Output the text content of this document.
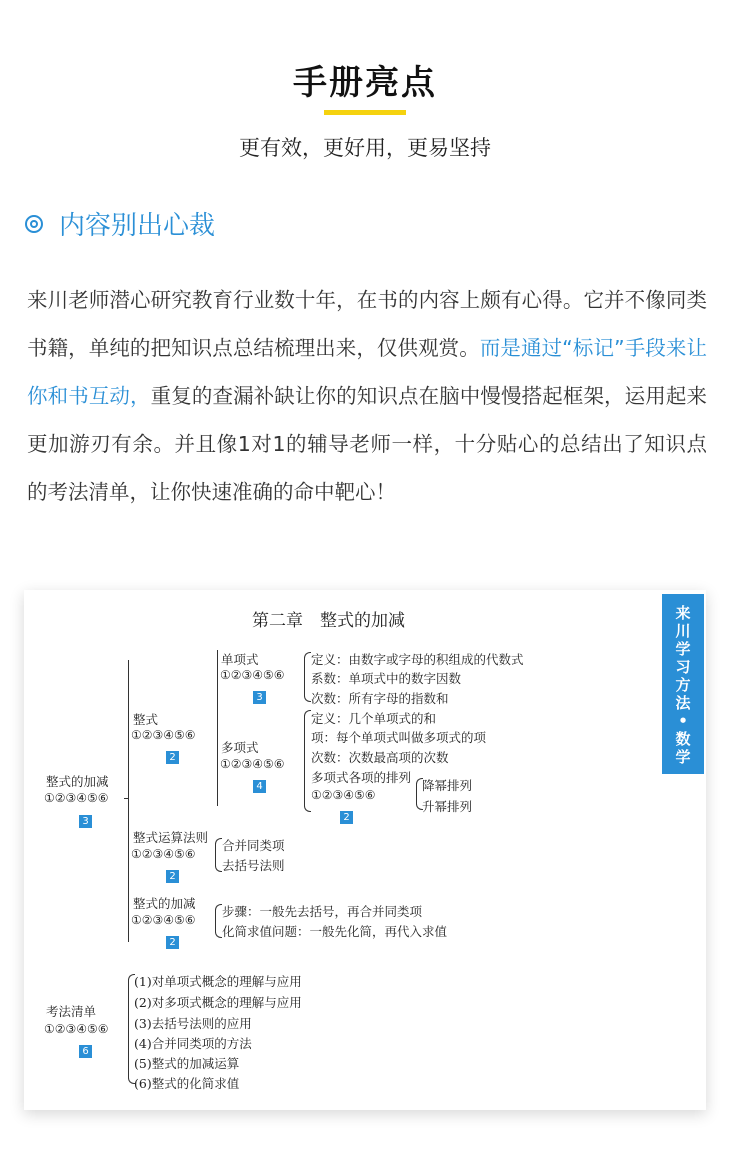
手册亮点
更有效，更好用，更易坚持
内容别出心裁
来川老师潜心研究教育行业数十年，在书的内容上颇有心得。它并不像同类书籍，单纯的把知识点总结梳理出来，仅供观赏。而是通过“标记”手段来让你和书互动，重复的查漏补缺让你的知识点在脑中慢慢搭起框架，运用起来更加游刃有余。并且像1对1的辅导老师一样，十分贴心的总结出了知识点的考法清单，让你快速准确的命中靶心！
第二章　整式的加减	来
川
学
习
方
法
•
数
学
整式的加减
①②③④⑤⑥
3
整式
①②③④⑤⑥
2
单项式
①②③④⑤⑥
3
定义：由数字或字母的积组成的代数式
系数：单项式中的数字因数
次数：所有字母的指数和
多项式
①②③④⑤⑥
4
定义：几个单项式的和
项：每个单项式叫做多项式的项
次数：次数最高项的次数
多项式各项的排列
①②③④⑤⑥
2
降幂排列
升幂排列
整式运算法则
①②③④⑤⑥
2
合并同类项
去括号法则
整式的加减
①②③④⑤⑥
2
步骤：一般先去括号，再合并同类项
化简求值问题：一般先化简，再代入求值
考法清单
①②③④⑤⑥
6
(1)对单项式概念的理解与应用
(2)对多项式概念的理解与应用
(3)去括号法则的应用
(4)合并同类项的方法
(5)整式的加减运算
(6)整式的化简求值
